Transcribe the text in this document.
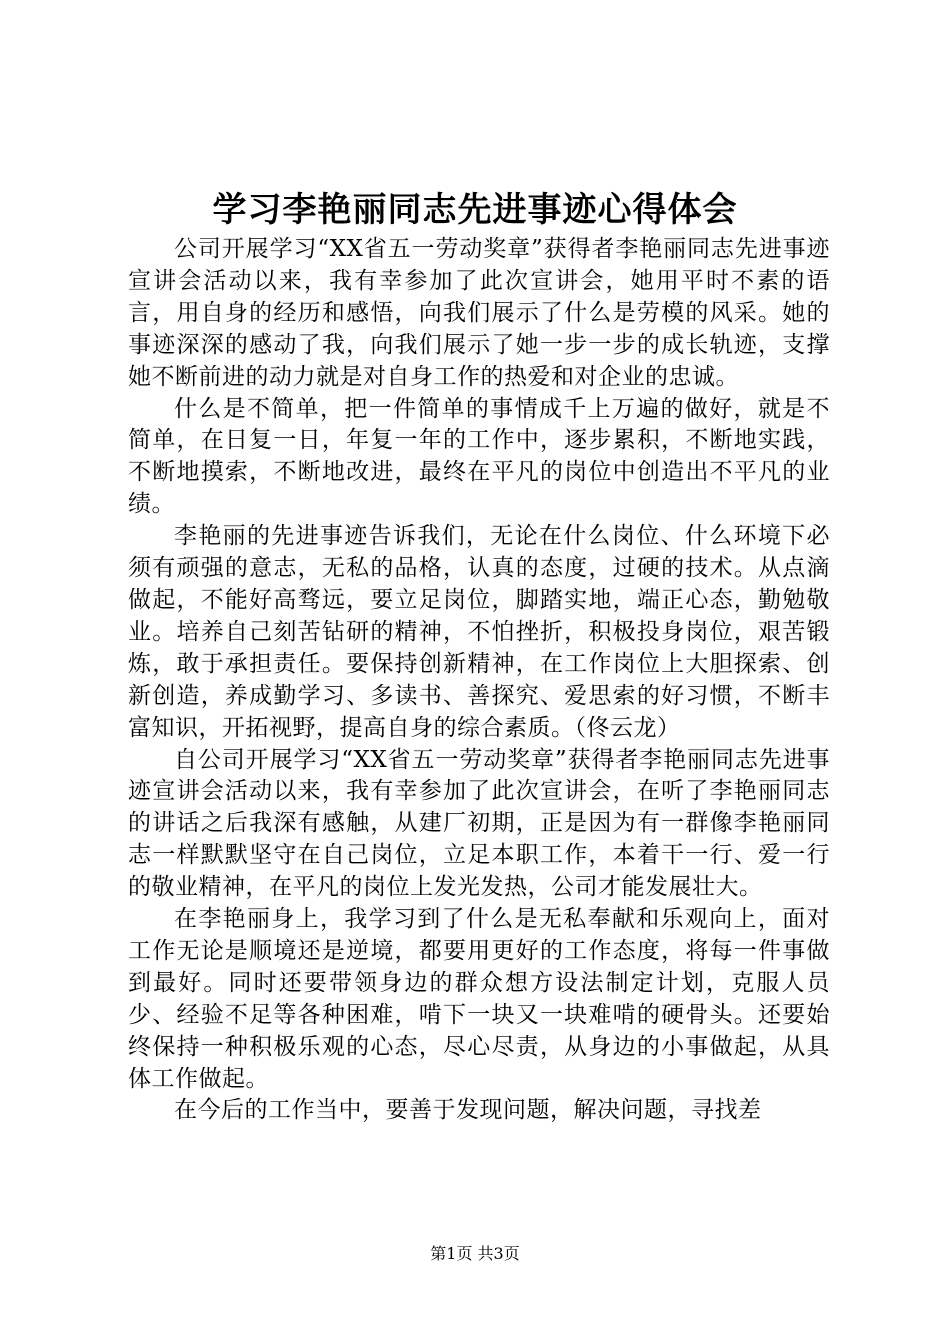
学习李艳丽同志先进事迹心得体会

公司开展学习“XX省五一劳动奖章”获得者李艳丽同志先进事迹宣讲会活动以来，我有幸参加了此次宣讲会，她用平时不素的语言，用自身的经历和感悟，向我们展示了什么是劳模的风采。她的事迹深深的感动了我，向我们展示了她一步一步的成长轨迹，支撑她不断前进的动力就是对自身工作的热爱和对企业的忠诚。

什么是不简单，把一件简单的事情成千上万遍的做好，就是不简单，在日复一日，年复一年的工作中，逐步累积，不断地实践，不断地摸索，不断地改进，最终在平凡的岗位中创造出不平凡的业绩。

李艳丽的先进事迹告诉我们，无论在什么岗位、什么环境下必须有顽强的意志，无私的品格，认真的态度，过硬的技术。从点滴做起，不能好高骛远，要立足岗位，脚踏实地，端正心态，勤勉敬业。培养自己刻苦钻研的精神，不怕挫折，积极投身岗位，艰苦锻炼，敢于承担责任。要保持创新精神，在工作岗位上大胆探索、创新创造，养成勤学习、多读书、善探究、爱思索的好习惯，不断丰富知识，开拓视野，提高自身的综合素质。（佟云龙）

自公司开展学习“XX省五一劳动奖章”获得者李艳丽同志先进事迹宣讲会活动以来，我有幸参加了此次宣讲会，在听了李艳丽同志的讲话之后我深有感触，从建厂初期，正是因为有一群像李艳丽同志一样默默坚守在自己岗位，立足本职工作，本着干一行、爱一行的敬业精神，在平凡的岗位上发光发热，公司才能发展壮大。

在李艳丽身上，我学习到了什么是无私奉献和乐观向上，面对工作无论是顺境还是逆境，都要用更好的工作态度，将每一件事做到最好。同时还要带领身边的群众想方设法制定计划，克服人员少、经验不足等各种困难，啃下一块又一块难啃的硬骨头。还要始终保持一种积极乐观的心态，尽心尽责，从身边的小事做起，从具体工作做起。

在今后的工作当中，要善于发现问题，解决问题，寻找差

第1页 共3页
